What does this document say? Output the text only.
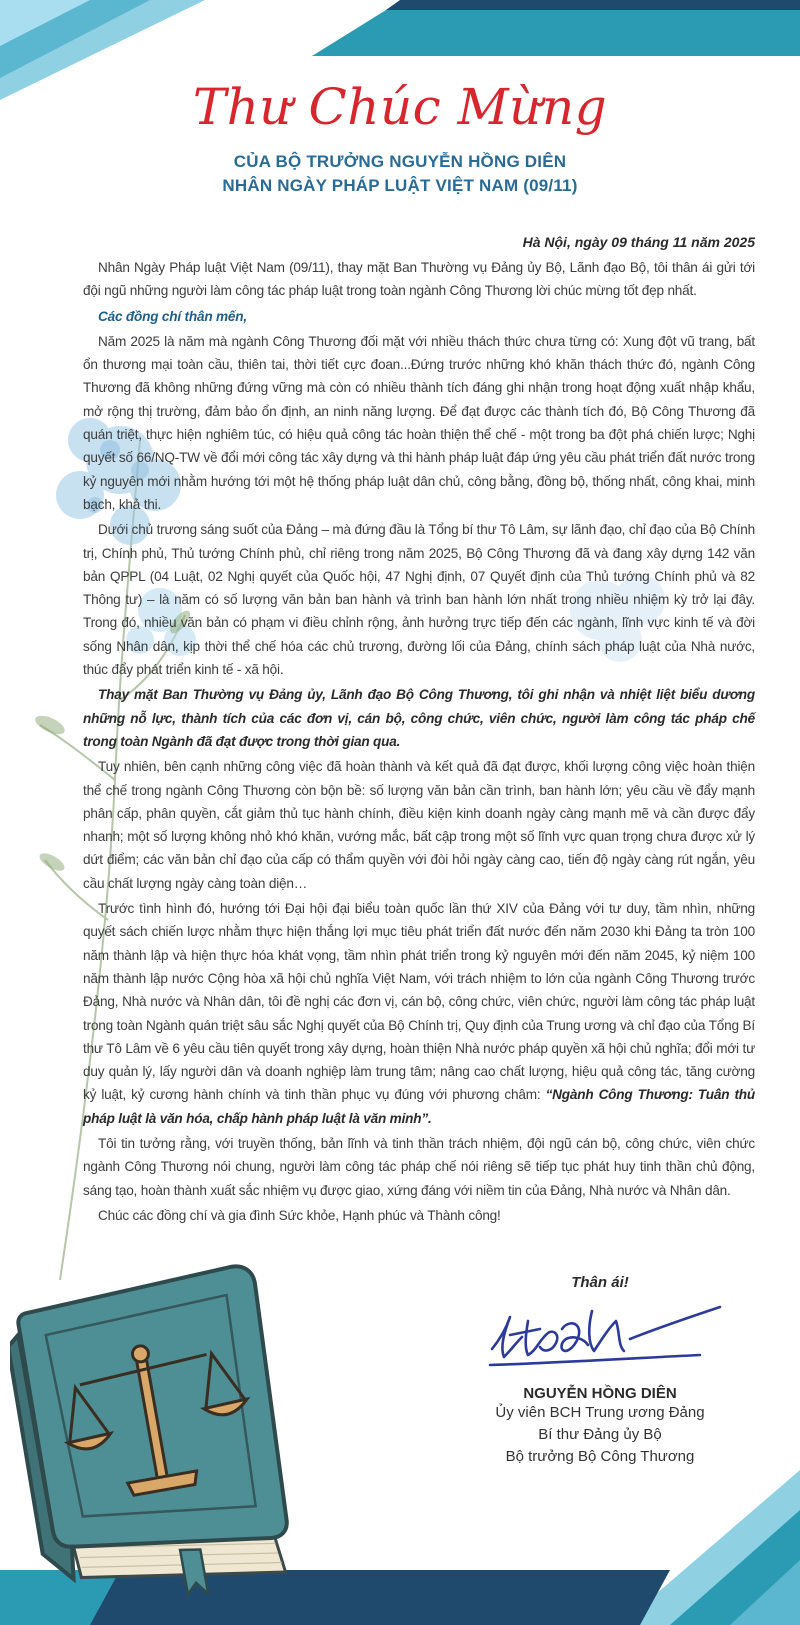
Thư Chúc Mừng
CỦA BỘ TRƯỞNG NGUYỄN HỒNG DIÊN
NHÂN NGÀY PHÁP LUẬT VIỆT NAM (09/11)
Hà Nội, ngày 09 tháng 11 năm 2025

Nhân Ngày Pháp luật Việt Nam (09/11), thay mặt Ban Thường vụ Đảng ủy Bộ, Lãnh đạo Bộ, tôi thân ái gửi tới đội ngũ những người làm công tác pháp luật trong toàn ngành Công Thương lời chúc mừng tốt đẹp nhất.

Các đồng chí thân mến,

Năm 2025 là năm mà ngành Công Thương đối mặt với nhiều thách thức chưa từng có: Xung đột vũ trang, bất ổn thương mại toàn cầu, thiên tai, thời tiết cực đoan...Đứng trước những khó khăn thách thức đó, ngành Công Thương đã không những đứng vững mà còn có nhiều thành tích đáng ghi nhận trong hoạt động xuất nhập khẩu, mở rộng thị trường, đảm bảo ổn định, an ninh năng lượng. Để đạt được các thành tích đó, Bộ Công Thương đã quán triệt, thực hiện nghiêm túc, có hiệu quả công tác hoàn thiện thể chế - một trong ba đột phá chiến lược; Nghị quyết số 66/NQ-TW về đổi mới công tác xây dựng và thi hành pháp luật đáp ứng yêu cầu phát triển đất nước trong kỷ nguyên mới nhằm hướng tới một hệ thống pháp luật dân chủ, công bằng, đồng bộ, thống nhất, công khai, minh bạch, khả thi.

Dưới chủ trương sáng suốt của Đảng – mà đứng đầu là Tổng bí thư Tô Lâm, sự lãnh đạo, chỉ đạo của Bộ Chính trị, Chính phủ, Thủ tướng Chính phủ, chỉ riêng trong năm 2025, Bộ Công Thương đã và đang xây dựng 142 văn bản QPPL (04 Luật, 02 Nghị quyết của Quốc hội, 47 Nghị định, 07 Quyết định của Thủ tướng Chính phủ và 82 Thông tư) – là năm có số lượng văn bản ban hành và trình ban hành lớn nhất trong nhiều nhiệm kỳ trở lại đây. Trong đó, nhiều văn bản có phạm vi điều chỉnh rộng, ảnh hưởng trực tiếp đến các ngành, lĩnh vực kinh tế và đời sống Nhân dân, kịp thời thể chế hóa các chủ trương, đường lối của Đảng, chính sách pháp luật của Nhà nước, thúc đẩy phát triển kinh tế - xã hội.

Thay mặt Ban Thường vụ Đảng ủy, Lãnh đạo Bộ Công Thương, tôi ghi nhận và nhiệt liệt biểu dương những nỗ lực, thành tích của các đơn vị, cán bộ, công chức, viên chức, người làm công tác pháp chế trong toàn Ngành đã đạt được trong thời gian qua.

Tuy nhiên, bên cạnh những công việc đã hoàn thành và kết quả đã đạt được, khối lượng công việc hoàn thiện thể chế trong ngành Công Thương còn bộn bề: số lượng văn bản cần trình, ban hành lớn; yêu cầu về đẩy mạnh phân cấp, phân quyền, cắt giảm thủ tục hành chính, điều kiện kinh doanh ngày càng mạnh mẽ và cần được đẩy nhanh; một số lượng không nhỏ khó khăn, vướng mắc, bất cập trong một số lĩnh vực quan trọng chưa được xử lý dứt điểm; các văn bản chỉ đạo của cấp có thẩm quyền với đòi hỏi ngày càng cao, tiến độ ngày càng rút ngắn, yêu cầu chất lượng ngày càng toàn diện…

Trước tình hình đó, hướng tới Đại hội đại biểu toàn quốc lần thứ XIV của Đảng với tư duy, tầm nhìn, những quyết sách chiến lược nhằm thực hiện thắng lợi mục tiêu phát triển đất nước đến năm 2030 khi Đảng ta tròn 100 năm thành lập và hiện thực hóa khát vọng, tầm nhìn phát triển trong kỷ nguyên mới đến năm 2045, kỷ niệm 100 năm thành lập nước Cộng hòa xã hội chủ nghĩa Việt Nam, với trách nhiệm to lớn của ngành Công Thương trước Đảng, Nhà nước và Nhân dân, tôi đề nghị các đơn vị, cán bộ, công chức, viên chức, người làm công tác pháp luật trong toàn Ngành quán triệt sâu sắc Nghị quyết của Bộ Chính trị, Quy định của Trung ương và chỉ đạo của Tổng Bí thư Tô Lâm về 6 yêu cầu tiên quyết trong xây dựng, hoàn thiện Nhà nước pháp quyền xã hội chủ nghĩa; đổi mới tư duy quản lý, lấy người dân và doanh nghiệp làm trung tâm; nâng cao chất lượng, hiệu quả công tác, tăng cường kỷ luật, kỷ cương hành chính và tinh thần phục vụ đúng với phương châm: “Ngành Công Thương: Tuân thủ pháp luật là văn hóa, chấp hành pháp luật là văn minh”.

Tôi tin tưởng rằng, với truyền thống, bản lĩnh và tinh thần trách nhiệm, đội ngũ cán bộ, công chức, viên chức ngành Công Thương nói chung, người làm công tác pháp chế nói riêng sẽ tiếp tục phát huy tinh thần chủ động, sáng tạo, hoàn thành xuất sắc nhiệm vụ được giao, xứng đáng với niềm tin của Đảng, Nhà nước và Nhân dân.

Chúc các đồng chí và gia đình Sức khỏe, Hạnh phúc và Thành công!

Thân ái!
NGUYỄN HỒNG DIÊN
Ủy viên BCH Trung ương Đảng
Bí thư Đảng ủy Bộ
Bộ trưởng Bộ Công Thương
